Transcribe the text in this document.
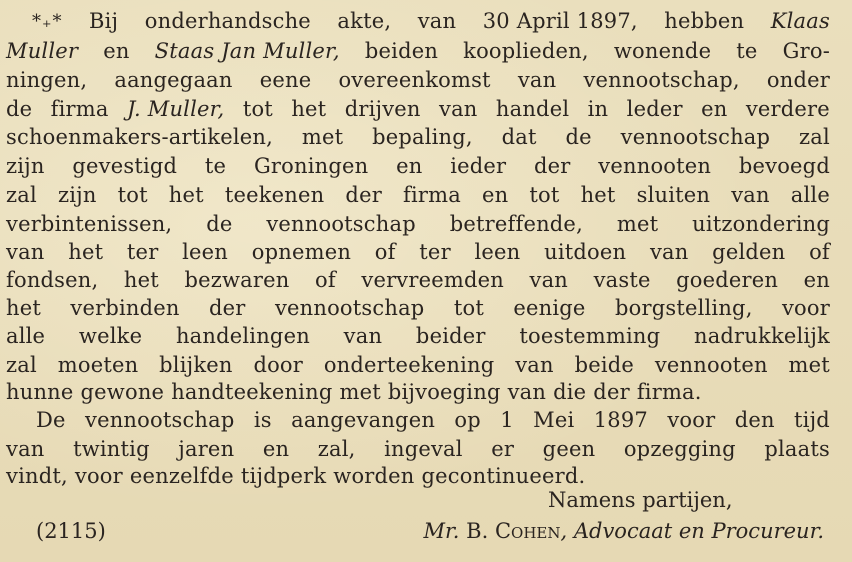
*₊* Bij onderhandsche akte, van 30 April 1897, hebben Klaas
Muller en Staas Jan Muller, beiden kooplieden, wonende te Gro-
ningen, aangegaan eene overeenkomst van vennootschap, onder
de firma J. Muller, tot het drijven van handel in leder en verdere
schoenmakers-artikelen, met bepaling, dat de vennootschap zal
zijn gevestigd te Groningen en ieder der vennooten bevoegd
zal zijn tot het teekenen der firma en tot het sluiten van alle
verbintenissen, de vennootschap betreffende, met uitzondering
van het ter leen opnemen of ter leen uitdoen van gelden of
fondsen, het bezwaren of vervreemden van vaste goederen en
het verbinden der vennootschap tot eenige borgstelling, voor
alle welke handelingen van beider toestemming nadrukkelijk
zal moeten blijken door onderteekening van beide vennooten met
hunne gewone handteekening met bijvoeging van die der firma.
De vennootschap is aangevangen op 1 Mei 1897 voor den tijd
van twintig jaren en zal, ingeval er geen opzegging plaats
vindt, voor eenzelfde tijdperk worden gecontinueerd.
Namens partijen,
(2115)	Mr. B. Cohen, Advocaat en Procureur.
